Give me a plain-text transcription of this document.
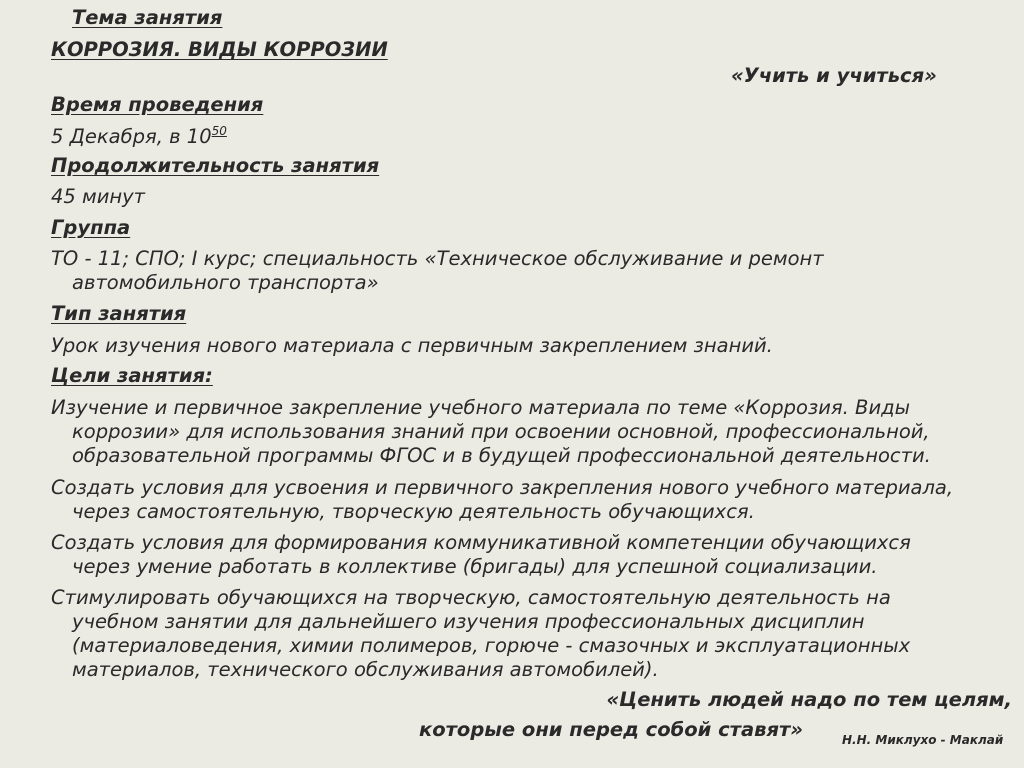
Тема занятия
КОРРОЗИЯ. ВИДЫ КОРРОЗИИ
«Учить и учиться»
Время проведения
5 Декабря, в $10^{50}$
Продолжительность занятия
45 минут
Группа
ТО - 11; СПО; I курс; специальность «Техническое обслуживание и ремонт
автомобильного транспорта»
Тип занятия
Урок изучения нового материала с первичным закреплением знаний.
Цели занятия:
Изучение и первичное закрепление учебного материала по теме «Коррозия. Виды
коррозии» для использования знаний при освоении основной, профессиональной,
образовательной программы ФГОС и в будущей профессиональной деятельности.
Создать условия для усвоения и первичного закрепления нового учебного материала,
через самостоятельную, творческую деятельность обучающихся.
Создать условия для формирования коммуникативной компетенции обучающихся
через умение работать в коллективе (бригады) для успешной социализации.
Стимулировать обучающихся на творческую, самостоятельную деятельность на
учебном занятии для дальнейшего изучения профессиональных дисциплин
(материаловедения, химии полимеров, горюче - смазочных и эксплуатационных
материалов, технического обслуживания автомобилей).
«Ценить людей надо по тем целям,
которые они перед собой ставят»	Н.Н. Миклухо - Маклай
